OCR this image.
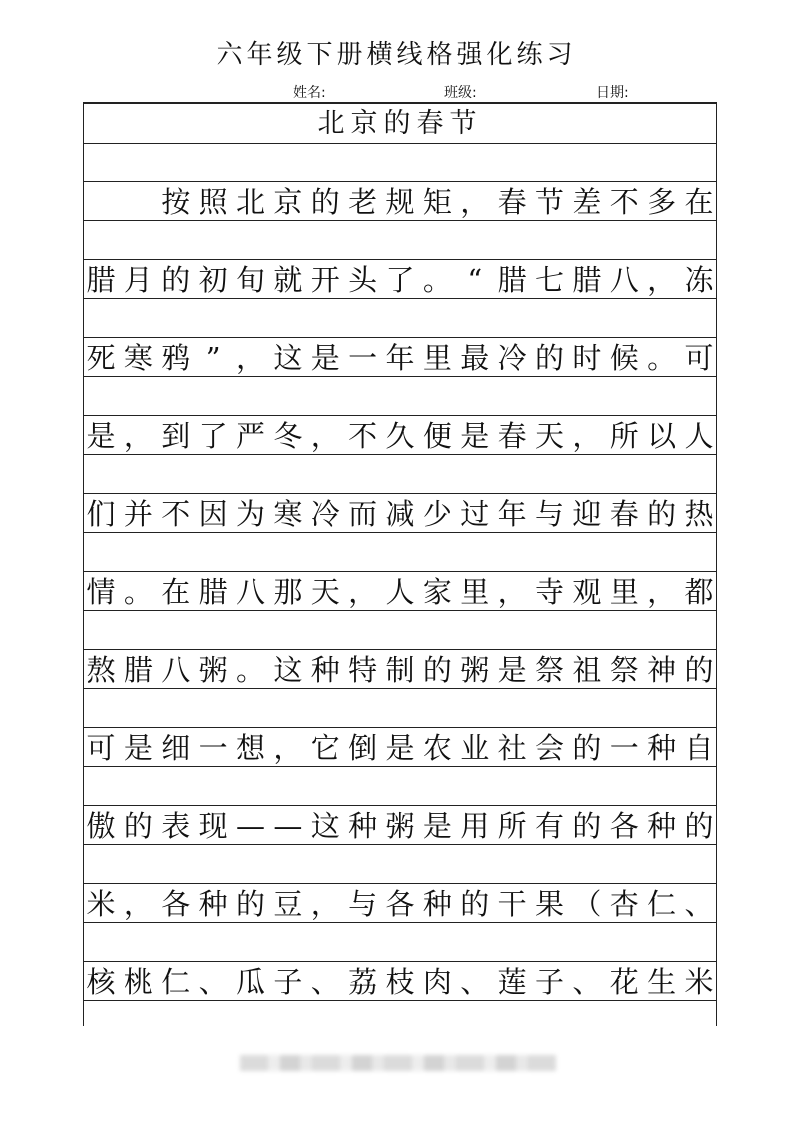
六年级下册横线格强化练习
姓名:	班级:	日期:
北京的春节

按 照 北 京 的 老 规 矩 ， 春 节 差 不 多 在
腊 月 的 初 旬 就 开 头 了 。 “ 腊 七 腊 八 ， 冻
死 寒 鸦 ” ， 这 是 一 年 里 最 冷 的 时 候 。 可
是 ， 到 了 严 冬 ， 不 久 便 是 春 天 ， 所 以 人
们 并 不 因 为 寒 冷 而 减 少 过 年 与 迎 春 的 热
情 。 在 腊 八 那 天 ， 人 家 里 ， 寺 观 里 ， 都
熬 腊 八 粥 。 这 种 特 制 的 粥 是 祭 祖 祭 神 的
可 是 细 一 想 ， 它 倒 是 农 业 社 会 的 一 种 自
傲 的 表 现 — — 这 种 粥 是 用 所 有 的 各 种 的
米 ， 各 种 的 豆 ， 与 各 种 的 干 果 （ 杏 仁 、
核 桃 仁 、 瓜 子 、 荔 枝 肉 、 莲 子 、 花 生 米
